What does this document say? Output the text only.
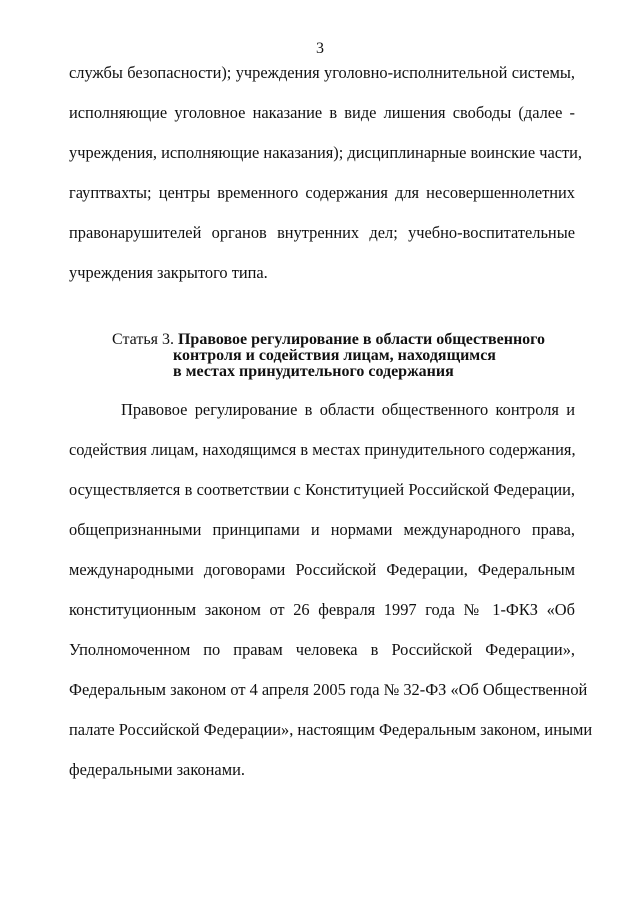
3
службы безопасности); учреждения уголовно-исполнительной системы,
исполняющие уголовное наказание в виде лишения свободы (далее -
учреждения, исполняющие наказания); дисциплинарные воинские части,
гауптвахты; центры временного содержания для несовершеннолетних
правонарушителей органов внутренних дел; учебно-воспитательные
учреждения закрытого типа.
Статья 3. Правовое регулирование в области общественного
контроля и содействия лицам, находящимся
в местах принудительного содержания
Правовое регулирование в области общественного контроля и
содействия лицам, находящимся в местах принудительного содержания,
осуществляется в соответствии с Конституцией Российской Федерации,
общепризнанными принципами и нормами международного права,
международными договорами Российской Федерации, Федеральным
конституционным законом от 26 февраля 1997 года № 1-ФКЗ «Об
Уполномоченном по правам человека в Российской Федерации»,
Федеральным законом от 4 апреля 2005 года № 32-ФЗ «Об Общественной
палате Российской Федерации», настоящим Федеральным законом, иными
федеральными законами.
